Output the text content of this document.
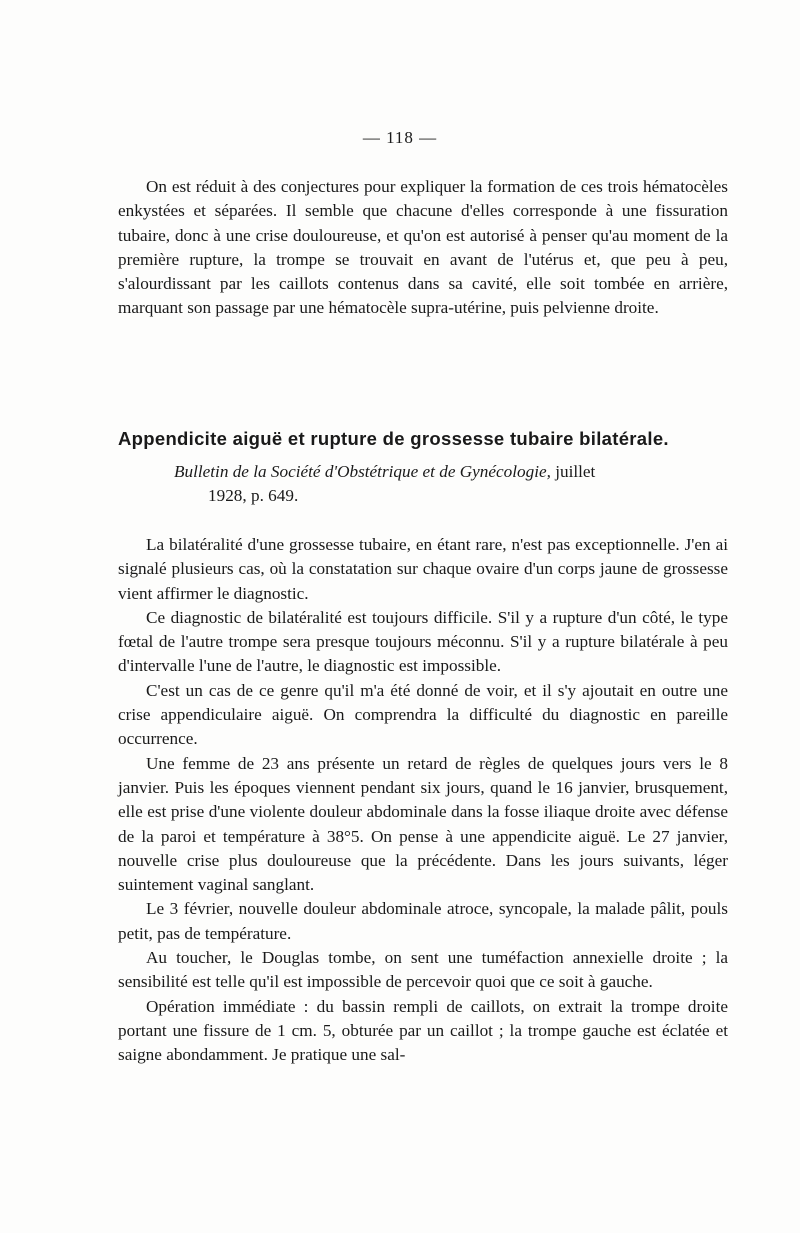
— 118 —

On est réduit à des conjectures pour expliquer la formation de ces trois hématocèles enkystées et séparées. Il semble que chacune d'elles corresponde à une fissuration tubaire, donc à une crise douloureuse, et qu'on est autorisé à penser qu'au moment de la première rupture, la trompe se trouvait en avant de l'utérus et, que peu à peu, s'alourdissant par les caillots contenus dans sa cavité, elle soit tombée en arrière, marquant son passage par une hématocèle supra-utérine, puis pelvienne droite.

Appendicite aiguë et rupture de grossesse tubaire bilatérale.
Bulletin de la Société d'Obstétrique et de Gynécologie, juillet
1928, p. 649.

La bilatéralité d'une grossesse tubaire, en étant rare, n'est pas exceptionnelle. J'en ai signalé plusieurs cas, où la constatation sur chaque ovaire d'un corps jaune de grossesse vient affirmer le diagnostic.

Ce diagnostic de bilatéralité est toujours difficile. S'il y a rupture d'un côté, le type fœtal de l'autre trompe sera presque toujours méconnu. S'il y a rupture bilatérale à peu d'intervalle l'une de l'autre, le diagnostic est impossible.

C'est un cas de ce genre qu'il m'a été donné de voir, et il s'y ajoutait en outre une crise appendiculaire aiguë. On comprendra la difficulté du diagnostic en pareille occurrence.

Une femme de 23 ans présente un retard de règles de quelques jours vers le 8 janvier. Puis les époques viennent pendant six jours, quand le 16 janvier, brusquement, elle est prise d'une violente douleur abdominale dans la fosse iliaque droite avec défense de la paroi et température à 38°5. On pense à une appendicite aiguë. Le 27 janvier, nouvelle crise plus douloureuse que la précédente. Dans les jours suivants, léger suintement vaginal sanglant.

Le 3 février, nouvelle douleur abdominale atroce, syncopale, la malade pâlit, pouls petit, pas de température.

Au toucher, le Douglas tombe, on sent une tuméfaction annexielle droite ; la sensibilité est telle qu'il est impossible de percevoir quoi que ce soit à gauche.

Opération immédiate : du bassin rempli de caillots, on extrait la trompe droite portant une fissure de 1 cm. 5, obturée par un caillot ; la trompe gauche est éclatée et saigne abondamment. Je pratique une sal-
